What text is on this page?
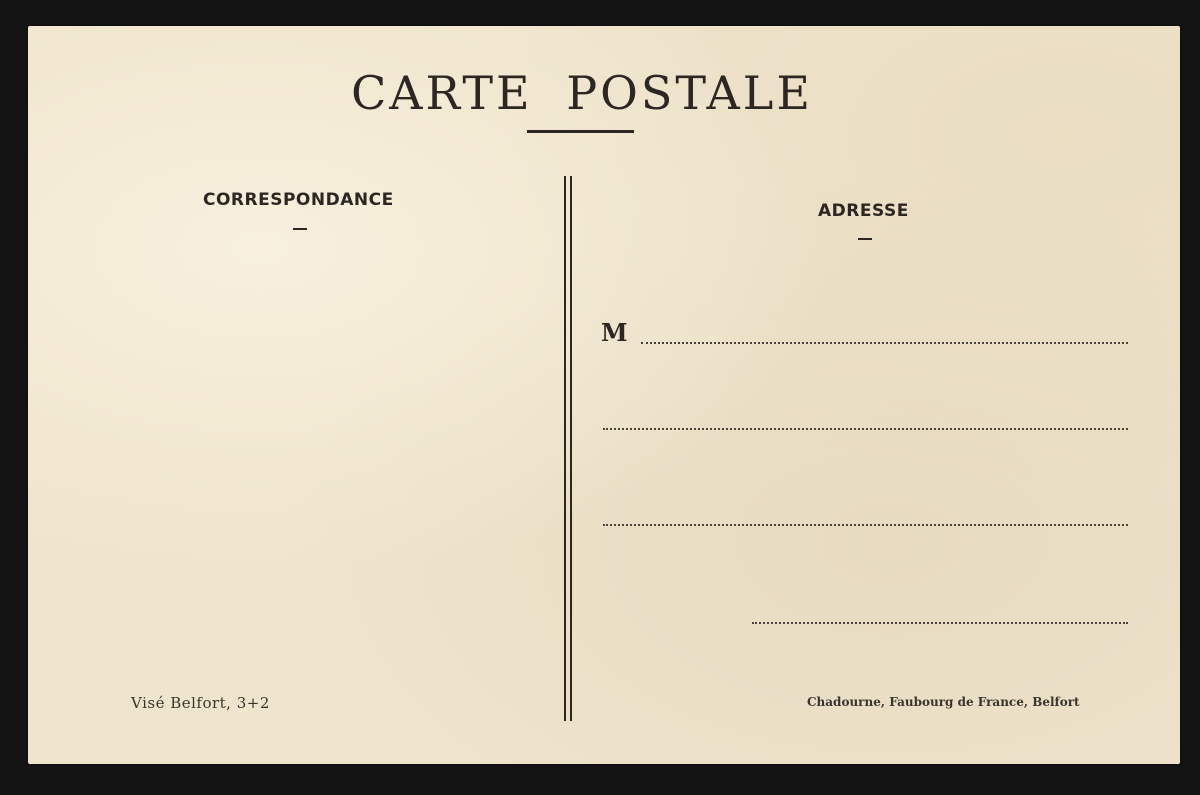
CARTE POSTALE
CORRESPONDANCE
ADRESSE
M
Visé Belfort, 3+2	Chadourne, Faubourg de France, Belfort
